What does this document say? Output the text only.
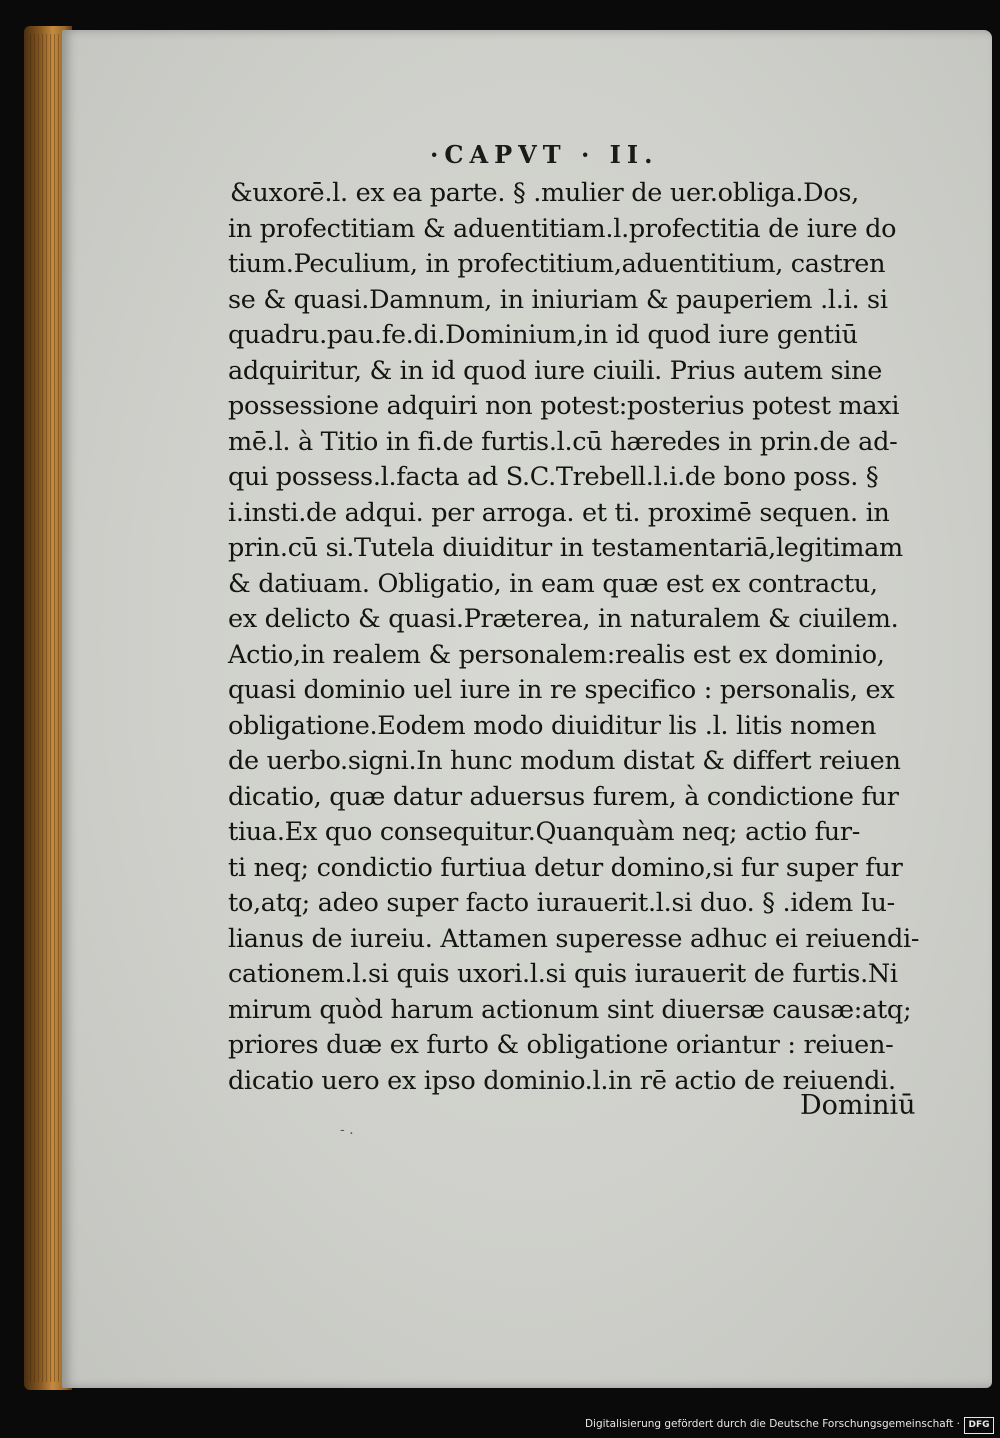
·CAPVT · II.
&uxorē.l. ex ea parte. § .mulier de uer.obliga.Dos,
in profectitiam & aduentitiam.l.profectitia de iure do
tium.Peculium, in profectitium,aduentitium, castren
se & quasi.Damnum, in iniuriam & pauperiem .l.i. si
quadru.pau.fe.di.Dominium,in id quod iure gentiū
adquiritur, & in id quod iure ciuili. Prius autem sine
possessione adquiri non potest:posterius potest maxi
mē.l. à Titio in fi.de furtis.l.cū hæredes in prin.de ad-
qui possess.l.facta ad S.C.Trebell.l.i.de bono poss. §
i.insti.de adqui. per arroga. et ti. proximē sequen. in
prin.cū si.Tutela diuiditur in testamentariā,legitimam
& datiuam. Obligatio, in eam quæ est ex contractu,
ex delicto & quasi.Præterea, in naturalem & ciuilem.
Actio,in realem & personalem:realis est ex dominio,
quasi dominio uel iure in re specifico : personalis, ex
obligatione.Eodem modo diuiditur lis .l. litis nomen
de uerbo.signi.In hunc modum distat & differt reiuen
dicatio, quæ datur aduersus furem, à condictione fur
tiua.Ex quo consequitur.Quanquàm neq; actio fur-
ti neq; condictio furtiua detur domino,si fur super fur
to,atq; adeo super facto iurauerit.l.si duo. § .idem Iu-
lianus de iureiu. Attamen superesse adhuc ei reiuendi-
cationem.l.si quis uxori.l.si quis iurauerit de furtis.Ni
mirum quòd harum actionum sint diuersæ causæ:atq;
priores duæ ex furto & obligatione oriantur : reiuen-
dicatio uero ex ipso dominio.l.in rē actio de reiuendi.
Dominiū
- .
Digitalisierung gefördert durch die Deutsche Forschungsgemeinschaft · DFG
